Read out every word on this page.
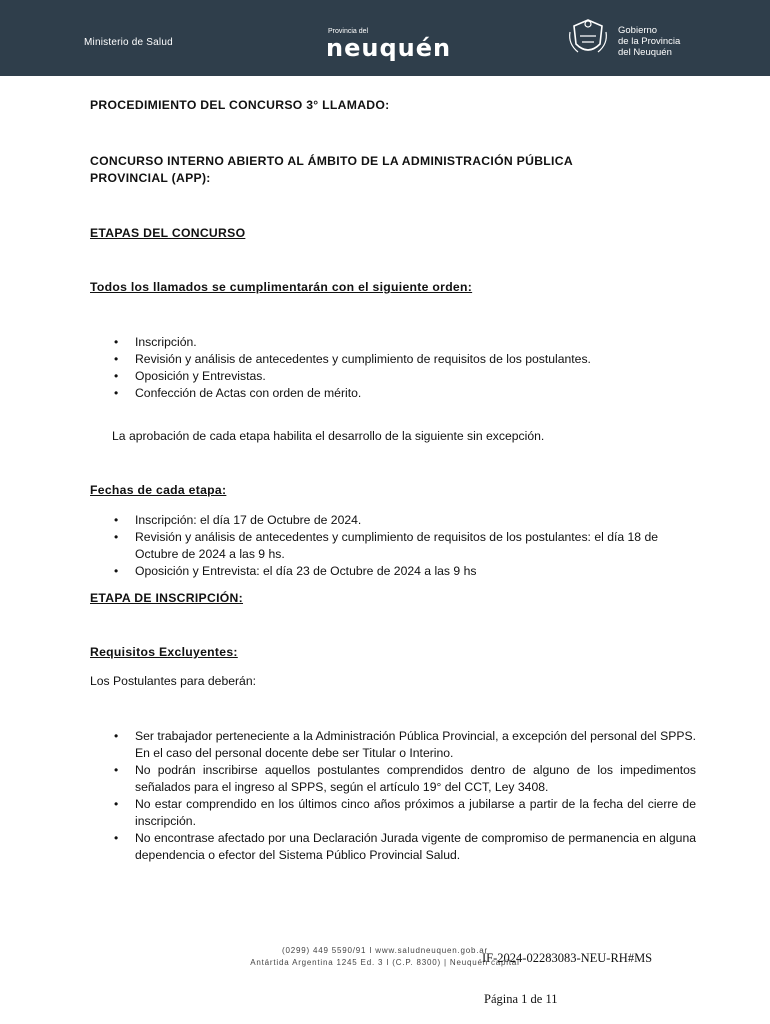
Ministerio de Salud
Provincia del
neuquén
Gobierno
de la Provincia
del Neuquén
PROCEDIMIENTO DEL CONCURSO 3° LLAMADO:
CONCURSO INTERNO ABIERTO AL ÁMBITO DE LA ADMINISTRACIÓN PÚBLICA
PROVINCIAL (APP):
ETAPAS DEL CONCURSO
Todos los llamados se cumplimentarán con el siguiente orden:
• Inscripción.
• Revisión y análisis de antecedentes y cumplimiento de requisitos de los postulantes.
• Oposición y Entrevistas.
• Confección de Actas con orden de mérito.
La aprobación de cada etapa habilita el desarrollo de la siguiente sin excepción.
Fechas de cada etapa:
• Inscripción: el día 17 de Octubre de 2024.
• Revisión y análisis de antecedentes y cumplimiento de requisitos de los postulantes: el día 18 de Octubre de 2024 a las 9 hs.
• Oposición y Entrevista: el día 23 de Octubre de 2024 a las 9 hs
ETAPA DE INSCRIPCIÓN:
Requisitos Excluyentes:
Los Postulantes para deberán:
• Ser trabajador perteneciente a la Administración Pública Provincial, a excepción del personal del SPPS. En el caso del personal docente debe ser Titular o Interino.
• No podrán inscribirse aquellos postulantes comprendidos dentro de alguno de los impedimentos señalados para el ingreso al SPPS, según el artículo 19° del CCT, Ley 3408.
• No estar comprendido en los últimos cinco años próximos a jubilarse a partir de la fecha del cierre de inscripción.
• No encontrase afectado por una Declaración Jurada vigente de compromiso de permanencia en alguna dependencia o efector del Sistema Público Provincial Salud.
(0299) 449 5590/91 I www.saludneuquen.gob.ar
Antártida Argentina 1245 Ed. 3 I (C.P. 8300) | Neuquén capital
IF-2024-02283083-NEU-RH#MS
Página 1 de 11
